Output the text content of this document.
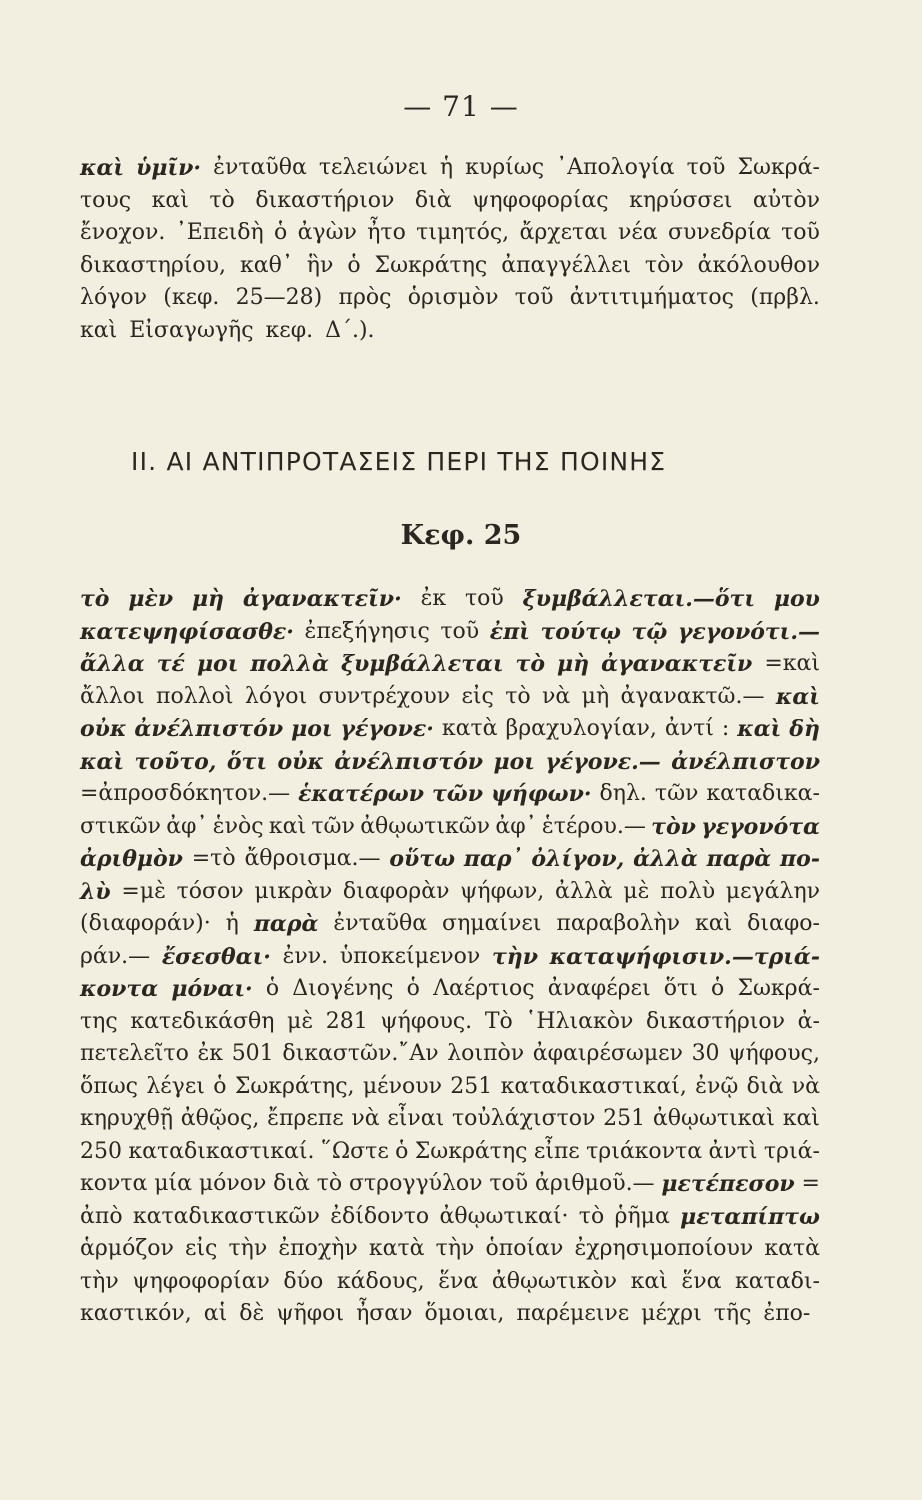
— 71 —
καὶ ὑμῖν· ἐνταῦθα τελειώνει ἡ κυρίως ᾿Απολογία τοῦ Σωκρά-
τους καὶ τὸ δικαστήριον διὰ ψηφοφορίας κηρύσσει αὐτὸν
ἔνοχον. ᾿Επειδὴ ὁ ἀγὼν ἦτο τιμητός, ἄρχεται νέα συνεδρία τοῦ
δικαστηρίου, καθ᾿ ἣν ὁ Σωκράτης ἀπαγγέλλει τὸν ἀκόλουθον
λόγον (κεφ. 25—28) πρὸς ὁρισμὸν τοῦ ἀντιτιμήματος (πρβλ.
καὶ Εἰσαγωγῆς κεφ. Δ΄.).
II. ΑΙ ΑΝΤΙΠΡΟΤΑΣΕΙΣ ΠΕΡΙ ΤΗΣ ΠΟΙΝΗΣ
Κεφ. 25
τὸ μὲν μὴ ἀγανακτεῖν· ἐκ τοῦ ξυμβάλλεται.—ὅτι μου
κατεψηφίσασθε· ἐπεξήγησις τοῦ ἐπὶ τούτῳ τῷ γεγονότι.—
ἄλλα τέ μοι πολλὰ ξυμβάλλεται τὸ μὴ ἀγανακτεῖν =καὶ
ἄλλοι πολλοὶ λόγοι συντρέχουν εἰς τὸ νὰ μὴ ἀγανακτῶ.— καὶ
οὐκ ἀνέλπιστόν μοι γέγονε· κατὰ βραχυλογίαν, ἀντί : καὶ δὴ
καὶ τοῦτο, ὅτι οὐκ ἀνέλπιστόν μοι γέγονε.— ἀνέλπιστον
=ἀπροσδόκητον.— ἑκατέρων τῶν ψήφων· δηλ. τῶν καταδικα-
στικῶν ἀφ᾿ ἑνὸς καὶ τῶν ἀθῳωτικῶν ἀφ᾿ ἑτέρου.— τὸν γεγονότα
ἀριθμὸν =τὸ ἄθροισμα.— οὕτω παρ᾿ ὀλίγον, ἀλλὰ παρὰ πο-
λὺ =μὲ τόσον μικρὰν διαφορὰν ψήφων, ἀλλὰ μὲ πολὺ μεγάλην
(διαφοράν)· ἡ παρὰ ἐνταῦθα σημαίνει παραβολὴν καὶ διαφο-
ράν.— ἔσεσθαι· ἐνν. ὑποκείμενον τὴν καταψήφισιν.—τριά-
κοντα μόναι· ὁ Διογένης ὁ Λαέρτιος ἀναφέρει ὅτι ὁ Σωκρά-
της κατεδικάσθη μὲ 281 ψήφους. Τὸ ῾Ηλιακὸν δικαστήριον ἀ-
πετελεῖτο ἐκ 501 δικαστῶν.῎Αν λοιπὸν ἀφαιρέσωμεν 30 ψήφους,
ὅπως λέγει ὁ Σωκράτης, μένουν 251 καταδικαστικαί, ἐνῷ διὰ νὰ
κηρυχθῇ ἀθῷος, ἔπρεπε νὰ εἶναι τοὐλάχιστον 251 ἀθῳωτικαὶ καὶ
250 καταδικαστικαί. ῞Ωστε ὁ Σωκράτης εἶπε τριάκοντα ἀντὶ τριά-
κοντα μία μόνον διὰ τὸ στρογγύλον τοῦ ἀριθμοῦ.— μετέπεσον =
ἀπὸ καταδικαστικῶν ἐδίδοντο ἀθῳωτικαί· τὸ ῥῆμα μεταπίπτω
ἁρμόζον εἰς τὴν ἐποχὴν κατὰ τὴν ὁποίαν ἐχρησιμοποίουν κατὰ
τὴν ψηφοφορίαν δύο κάδους, ἕνα ἀθῳωτικὸν καὶ ἕνα καταδι-
καστικόν, αἱ δὲ ψῆφοι ἦσαν ὅμοιαι, παρέμεινε μέχρι τῆς ἐπο-
